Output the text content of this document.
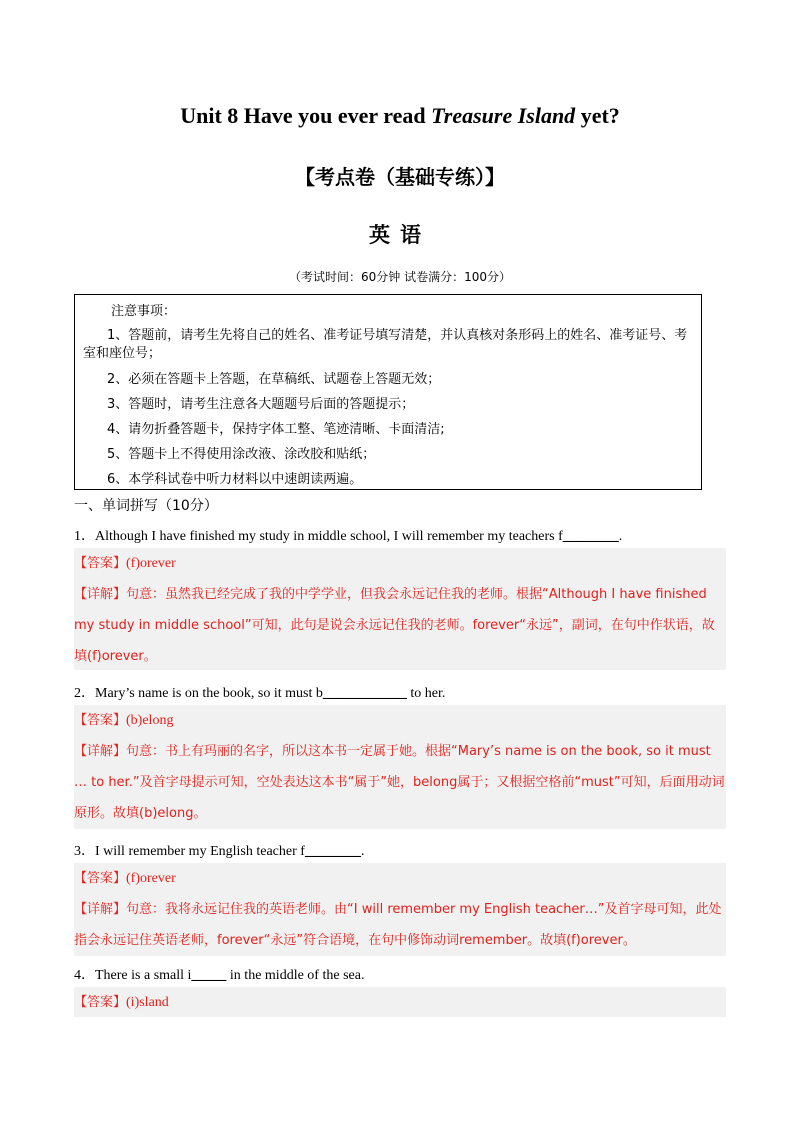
Unit 8 Have you ever read Treasure Island yet?
【考点卷（基础专练）】
英语
（考试时间：60分钟 试卷满分：100分）
注意事项：
1、答题前，请考生先将自己的姓名、准考证号填写清楚，并认真核对条形码上的姓名、准考证号、考室和座位号；
2、必须在答题卡上答题，在草稿纸、试题卷上答题无效；
3、答题时，请考生注意各大题题号后面的答题提示；
4、请勿折叠答题卡，保持字体工整、笔迹清晰、卡面清洁;
5、答题卡上不得使用涂改液、涂改胶和贴纸；
6、本学科试卷中听力材料以中速朗读两遍。
一、单词拼写（10分）
1．Although I have finished my study in middle school, I will remember my teachers f________.
【答案】(f)orever
【详解】句意：虽然我已经完成了我的中学学业，但我会永远记住我的老师。根据“Although I have finished my study in middle school”可知，此句是说会永远记住我的老师。forever“永远”，副词，在句中作状语，故填(f)orever。
2．Mary’s name is on the book, so it must b____________ to her.
【答案】(b)elong
【详解】句意：书上有玛丽的名字，所以这本书一定属于她。根据“Mary’s name is on the book, so it must … to her.”及首字母提示可知，空处表达这本书“属于”她，belong属于；又根据空格前“must”可知，后面用动词原形。故填(b)elong。
3．I will remember my English teacher f________.
【答案】(f)orever
【详解】句意：我将永远记住我的英语老师。由“I will remember my English teacher…”及首字母可知，此处指会永远记住英语老师，forever“永远”符合语境，在句中修饰动词remember。故填(f)orever。
4．There is a small i_____ in the middle of the sea.
【答案】(i)sland
